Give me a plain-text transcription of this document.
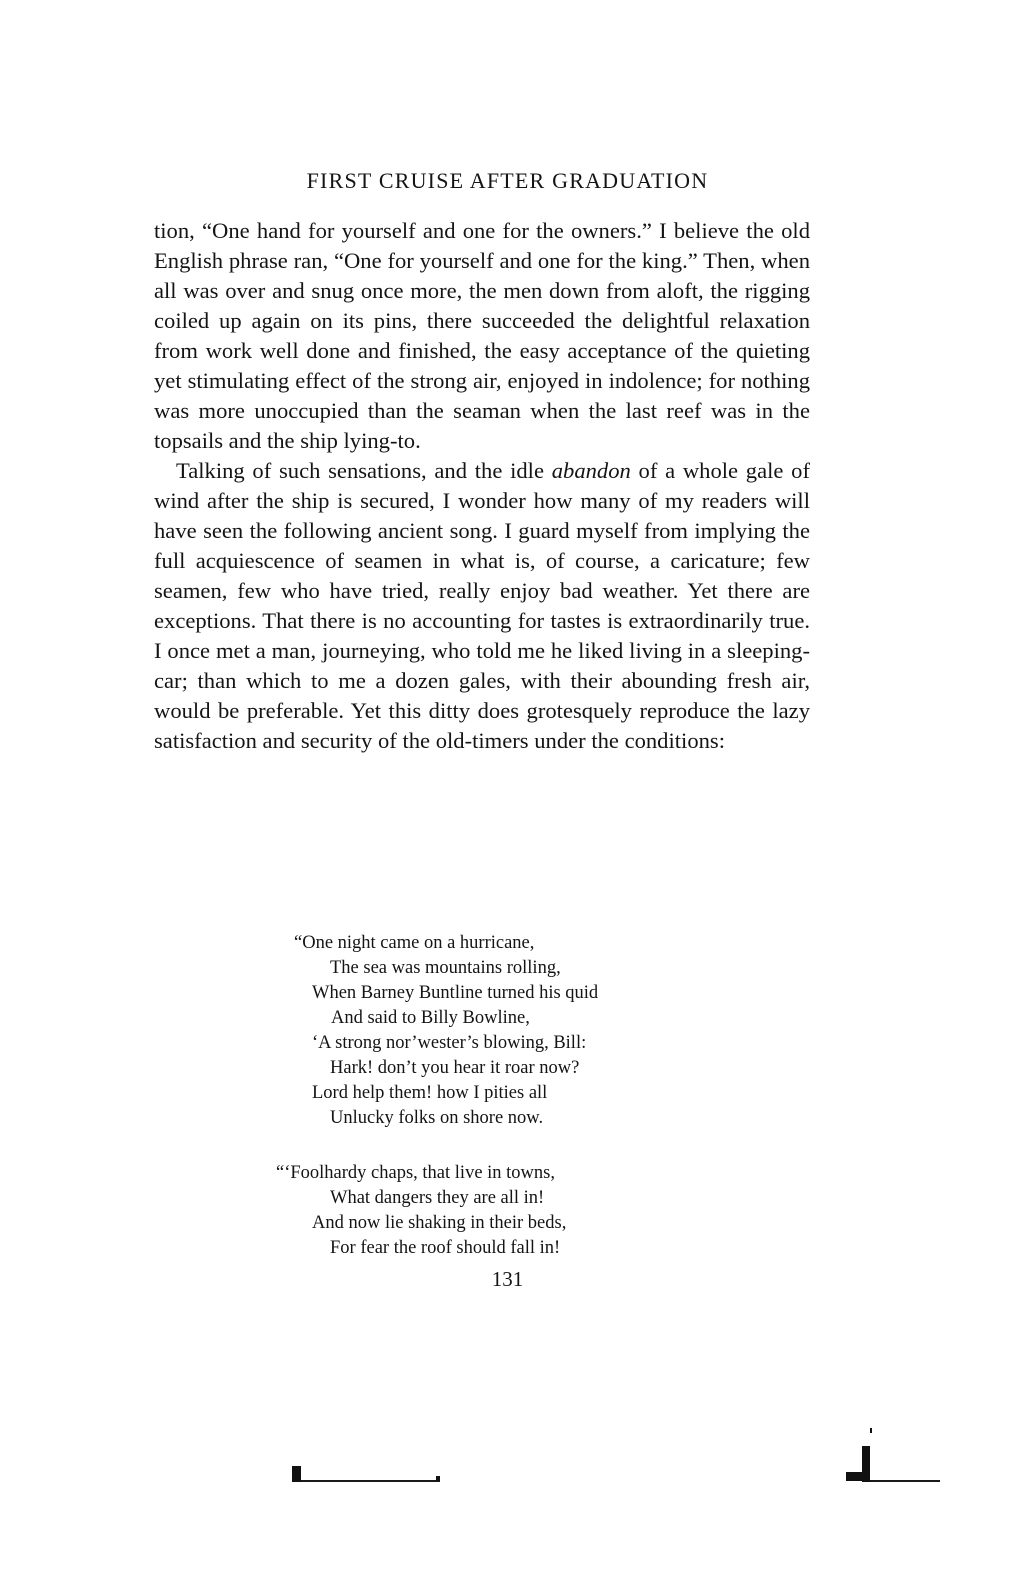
FIRST CRUISE AFTER GRADUATION

tion, “One hand for yourself and one for the owners.” I believe the old English phrase ran, “One for yourself and one for the king.” Then, when all was over and snug once more, the men down from aloft, the rigging coiled up again on its pins, there succeeded the delightful relaxation from work well done and finished, the easy acceptance of the quieting yet stimulating effect of the strong air, enjoyed in indolence; for nothing was more unoccupied than the seaman when the last reef was in the topsails and the ship lying-to.

Talking of such sensations, and the idle abandon of a whole gale of wind after the ship is secured, I wonder how many of my readers will have seen the following ancient song. I guard myself from implying the full acquiescence of seamen in what is, of course, a caricature; few seamen, few who have tried, really enjoy bad weather. Yet there are exceptions. That there is no accounting for tastes is extraordinarily true. I once met a man, journeying, who told me he liked living in a sleeping-car; than which to me a dozen gales, with their abounding fresh air, would be preferable. Yet this ditty does grotesquely reproduce the lazy satisfaction and security of the old-timers under the conditions:

“One night came on a hurricane,
The sea was mountains rolling,
When Barney Buntline turned his quid
And said to Billy Bowline,
‘A strong nor’wester’s blowing, Bill:
Hark! don’t you hear it roar now?
Lord help them! how I pities all
Unlucky folks on shore now.
“‘Foolhardy chaps, that live in towns,
What dangers they are all in!
And now lie shaking in their beds,
For fear the roof should fall in!
131
